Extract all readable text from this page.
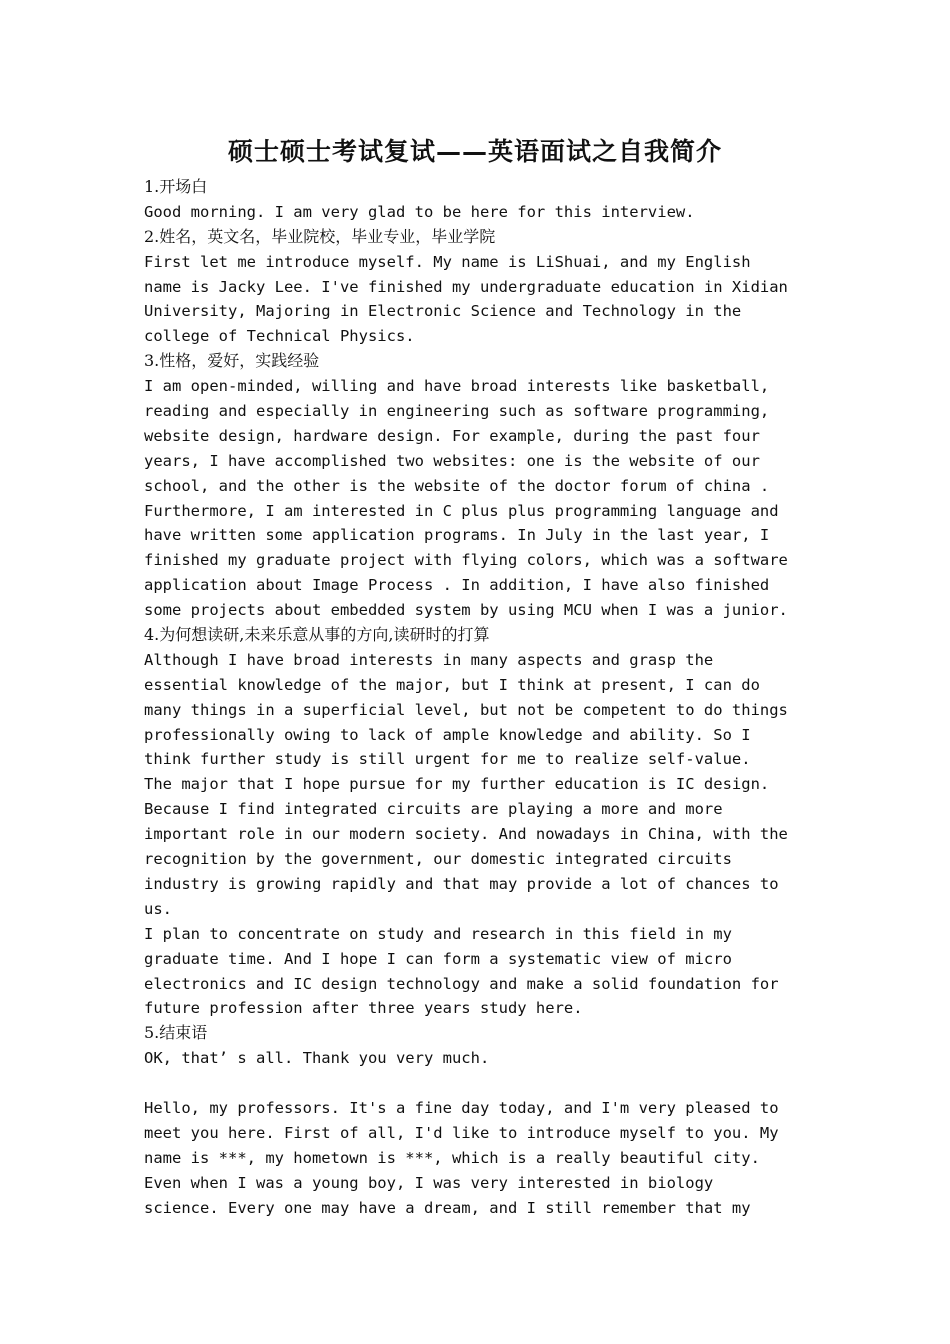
硕士硕士考试复试——英语面试之自我简介
1.开场白
Good morning. I am very glad to be here for this interview.
2.姓名，英文名，毕业院校，毕业专业，毕业学院
First let me introduce myself. My name is LiShuai, and my English
name is Jacky Lee. I've finished my undergraduate education in Xidian
University, Majoring in Electronic Science and Technology in the
college of Technical Physics.
3.性格，爱好，实践经验
I am open-minded, willing and have broad interests like basketball,
reading and especially in engineering such as software programming,
website design, hardware design. For example, during the past four
years, I have accomplished two websites: one is the website of our
school, and the other is the website of the doctor forum of china .
Furthermore, I am interested in C plus plus programming language and
have written some application programs. In July in the last year, I
finished my graduate project with flying colors, which was a software
application about Image Process . In addition, I have also finished
some projects about embedded system by using MCU when I was a junior.
4.为何想读研,未来乐意从事的方向,读研时的打算
Although I have broad interests in many aspects and grasp the
essential knowledge of the major, but I think at present, I can do
many things in a superficial level, but not be competent to do things
professionally owing to lack of ample knowledge and ability. So I
think further study is still urgent for me to realize self-value.
The major that I hope pursue for my further education is IC design.
Because I find integrated circuits are playing a more and more
important role in our modern society. And nowadays in China, with the
recognition by the government, our domestic integrated circuits
industry is growing rapidly and that may provide a lot of chances to
us.
I plan to concentrate on study and research in this field in my
graduate time. And I hope I can form a systematic view of micro
electronics and IC design technology and make a solid foundation for
future profession after three years study here.
5.结束语
OK, that’ s all. Thank you very much.
Hello, my professors. It's a fine day today, and I'm very pleased to
meet you here. First of all, I'd like to introduce myself to you. My
name is ***, my hometown is ***, which is a really beautiful city.
Even when I was a young boy, I was very interested in biology
science. Every one may have a dream, and I still remember that my
